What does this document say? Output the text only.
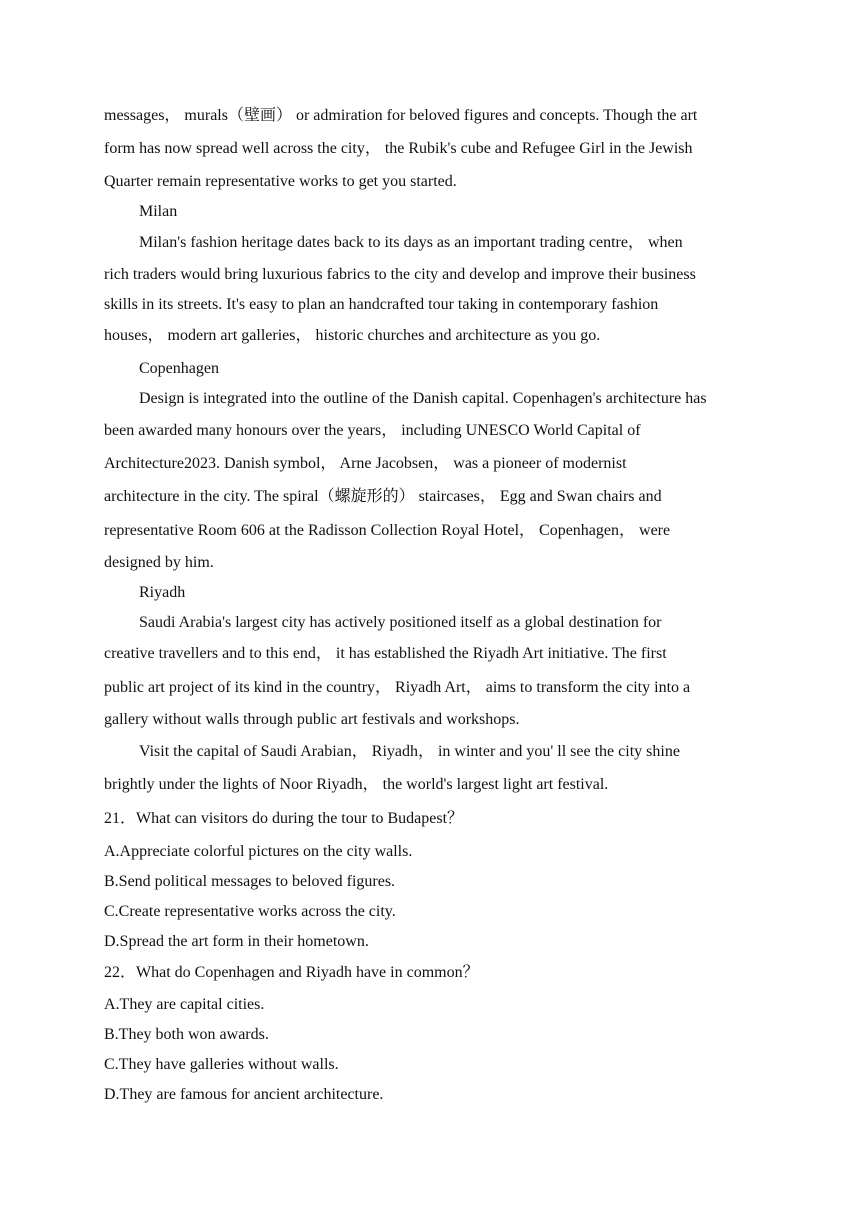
messages， murals（壁画） or admiration for beloved figures and concepts. Though the art
form has now spread well across the city， the Rubik's cube and Refugee Girl in the Jewish
Quarter remain representative works to get you started.
Milan
Milan's fashion heritage dates back to its days as an important trading centre， when
rich traders would bring luxurious fabrics to the city and develop and improve their business
skills in its streets. It's easy to plan an handcrafted tour taking in contemporary fashion
houses， modern art galleries， historic churches and architecture as you go.
Copenhagen
Design is integrated into the outline of the Danish capital. Copenhagen's architecture has
been awarded many honours over the years， including UNESCO World Capital of
Architecture2023. Danish symbol， Arne Jacobsen， was a pioneer of modernist
architecture in the city. The spiral（螺旋形的） staircases， Egg and Swan chairs and
representative Room 606 at the Radisson Collection Royal Hotel， Copenhagen， were
designed by him.
Riyadh
Saudi Arabia's largest city has actively positioned itself as a global destination for
creative travellers and to this end， it has established the Riyadh Art initiative. The first
public art project of its kind in the country， Riyadh Art， aims to transform the city into a
gallery without walls through public art festivals and workshops.
Visit the capital of Saudi Arabian， Riyadh， in winter and you' ll see the city shine
brightly under the lights of Noor Riyadh， the world's largest light art festival.
21．What can visitors do during the tour to Budapest？
A.Appreciate colorful pictures on the city walls.
B.Send political messages to beloved figures.
C.Create representative works across the city.
D.Spread the art form in their hometown.
22．What do Copenhagen and Riyadh have in common？
A.They are capital cities.
B.They both won awards.
C.They have galleries without walls.
D.They are famous for ancient architecture.
